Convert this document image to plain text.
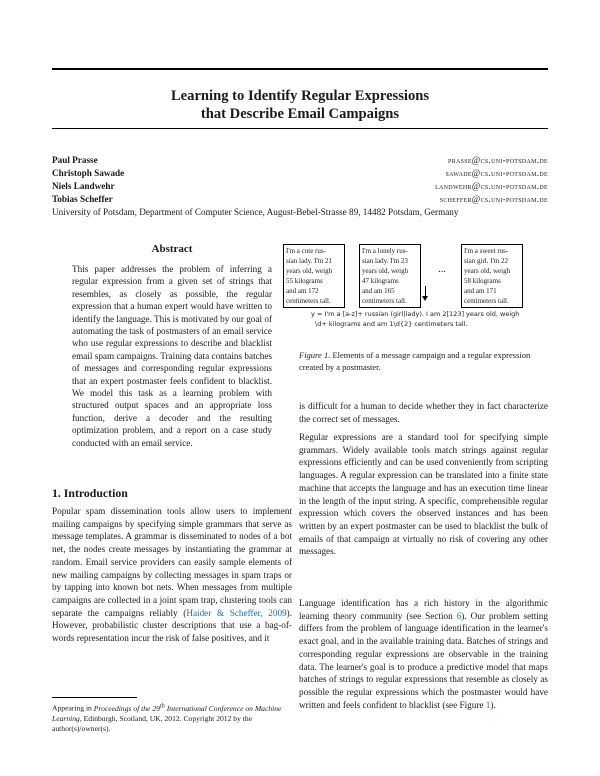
Learning to Identify Regular Expressions
that Describe Email Campaigns
Paul Prasse	prasse@cs.uni-potsdam.de
Christoph Sawade	sawade@cs.uni-potsdam.de
Niels Landwehr	landwehr@cs.uni-potsdam.de
Tobias Scheffer	scheffer@cs.uni-potsdam.de
University of Potsdam, Department of Computer Science, August-Bebel-Strasse 89, 14482 Potsdam, Germany
Abstract
This paper addresses the problem of inferring a regular expression from a given set of strings that resembles, as closely as possible, the regular expression that a human expert would have written to identify the language. This is motivated by our goal of automating the task of postmasters of an email service who use regular expressions to describe and blacklist email spam campaigns. Training data contains batches of messages and corresponding regular expressions that an expert postmaster feels confident to blacklist. We model this task as a learning problem with structured output spaces and an appropriate loss function, derive a decoder and the resulting optimization problem, and a report on a case study conducted with an email service.
1. Introduction
Popular spam dissemination tools allow users to implement mailing campaigns by specifying simple grammars that serve as message templates. A grammar is disseminated to nodes of a bot net, the nodes create messages by instantiating the grammar at random. Email service providers can easily sample elements of new mailing campaigns by collecting messages in spam traps or by tapping into known bot nets. When messages from multiple campaigns are collected in a joint spam trap, clustering tools can separate the campaigns reliably (Haider & Scheffer, 2009). However, probabilistic cluster descriptions that use a bag-of-words representation incur the risk of false positives, and it
Appearing in Proceedings of the 29th International Conference on Machine Learning, Edinburgh, Scotland, UK, 2012. Copyright 2012 by the author(s)/owner(s).
I'm a cute rus-
sian lady. I'm 21
years old, weigh
55 kilograms
and am 172
centimeters tall.
I'm a lonely rus-
sian lady. I'm 23
years old, weigh
47 kilograms
and am 165
centimeters tall.
...
I'm a sweet rus-
sian girl. I'm 22
years old, weigh
58 kilograms
and am 171
centimeters tall.
y = I'm a [a-z]+ russian (girl|lady). I am 2[123] years old, weigh
\d+ kilograms and am 1\d{2} centimeters tall.
Figure 1. Elements of a message campaign and a regular expression created by a postmaster.
is difficult for a human to decide whether they in fact characterize the correct set of messages.
Regular expressions are a standard tool for specifying simple grammars. Widely available tools match strings against regular expressions efficiently and can be used conveniently from scripting languages. A regular expression can be translated into a finite state machine that accepts the language and has an execution time linear in the length of the input string. A specific, comprehensible regular expression which covers the observed instances and has been written by an expert postmaster can be used to blacklist the bulk of emails of that campaign at virtually no risk of covering any other messages.
Language identification has a rich history in the algorithmic learning theory community (see Section 6). Our problem setting differs from the problem of language identification in the learner's exact goal, and in the available training data. Batches of strings and corresponding regular expressions are observable in the training data. The learner's goal is to produce a predictive model that maps batches of strings to regular expressions that resemble as closely as possible the regular expressions which the postmaster would have written and feels confident to blacklist (see Figure 1).
